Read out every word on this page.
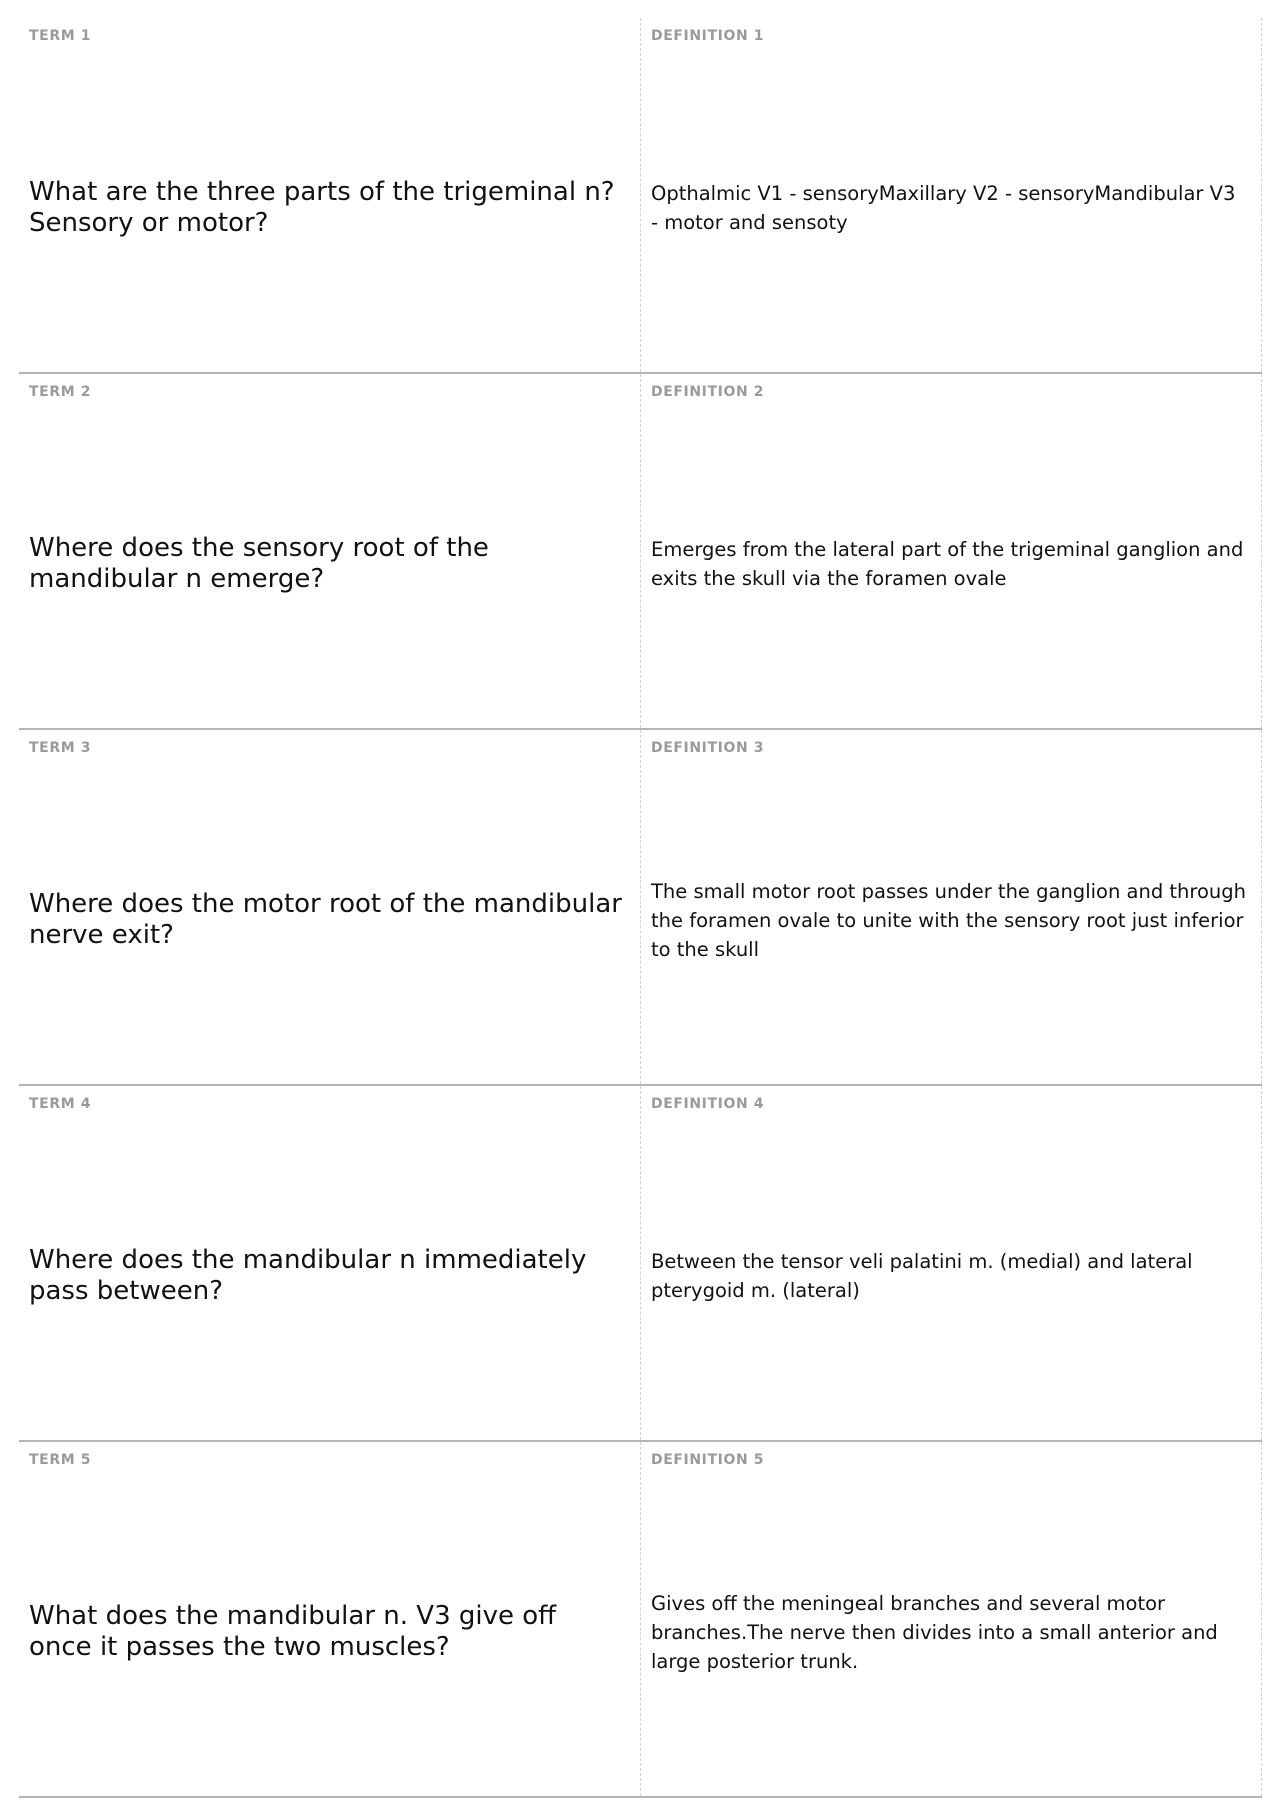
TERM 1
What are the three parts of the trigeminal n? Sensory or motor?
DEFINITION 1
Opthalmic V1 - sensoryMaxillary V2 - sensoryMandibular V3 - motor and sensoty
TERM 2
Where does the sensory root of the mandibular n emerge?
DEFINITION 2
Emerges from the lateral part of the trigeminal ganglion and exits the skull via the foramen ovale
TERM 3
Where does the motor root of the mandibular nerve exit?
DEFINITION 3
The small motor root passes under the ganglion and through the foramen ovale to unite with the sensory root just inferior to the skull
TERM 4
Where does the mandibular n immediately pass between?
DEFINITION 4
Between the tensor veli palatini m. (medial) and lateral pterygoid m. (lateral)
TERM 5
What does the mandibular n. V3 give off once it passes the two muscles?
DEFINITION 5
Gives off the meningeal branches and several motor branches.The nerve then divides into a small anterior and large posterior trunk.
